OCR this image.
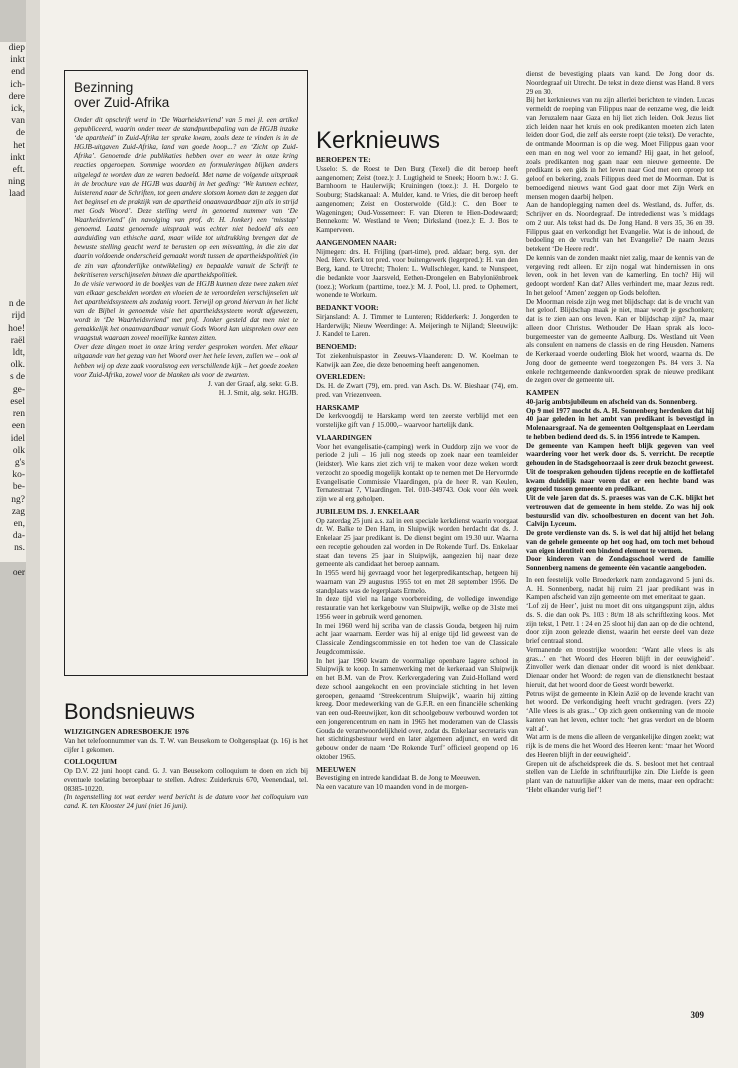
diep
inkt
end
ich-
dere
ick,
van
de
het
inkt
eft.
ning
laad

n de
rijd
hoe!
raël
ldt,
olk.
s de
ge-
esel
ren
een
idel
olk
g's
ko-
be-
ng?
zag
en,
da-
ns.

oer
Bezinning
over Zuid-Afrika

Onder dit opschrift werd in ‘De Waarheidsvriend’ van 5 mei jl. een artikel gepubliceerd, waarin onder meer de standpuntbepaling van de HGJB inzake ‘de apartheid’ in Zuid-Afrika ter sprake kwam, zoals deze te vinden is in de HGJB-uitgaven Zuid-Afrika, land van goede hoop...? en ‘Zicht op Zuid-Afrika’. Genoemde drie publikaties hebben over en weer in onze kring reacties opgeroepen. Sommige woorden en formuleringen blijken anders uitgelegd te worden dan ze waren bedoeld. Met name de volgende uitspraak in de brochure van de HGJB was daarbij in het geding: ‘We kunnen echter, luisterend naar de Schriften, tot geen andere slotsom komen dan te zeggen dat het beginsel en de praktijk van de apartheid onaanvaardbaar zijn als in strijd met Gods Woord’. Deze stelling werd in genoemd nummer van ‘De Waarheidsvriend’ (in navolging van prof. dr. H. Jonker) een ‘misstap’ genoemd. Laatst genoemde uitspraak was echter niet bedoeld als een aanduiding van ethische aard, maar wilde tot uitdrukking brengen dat de bewuste stelling geacht werd te berusten op een misvatting, in die zin dat daarin voldoende onderscheid gemaakt wordt tussen de apartheidspolitiek (in de zin van afzonderlijke ontwikkeling) en bepaalde vanuit de Schrift te bekritiseren verschijnselen binnen die apartheidspolitiek.

In de visie verwoord in de boekjes van de HGJB kunnen deze twee zaken niet van elkaar gescheiden worden en vloeien de te veroordelen verschijnselen uit het apartheidssysteem als zodanig voort. Terwijl op grond hiervan in het licht van de Bijbel in genoemde visie het apartheidssysteem wordt afgewezen, wordt in ‘De Waarheidsvriend’ met prof. Jonker gesteld dat men niet te gemakkelijk het onaanvaardbaar vanuit Gods Woord kan uitspreken over een vraagstuk waaraan zoveel moeilijke kanten zitten.

Over deze dingen moet in onze kring verder gesproken worden. Met elkaar uitgaande van het gezag van het Woord over het hele leven, zullen we – ook al hebben wij op deze zaak vooralsnog een verschillende kijk – het goede zoeken voor Zuid-Afrika, zowel voor de blanken als voor de zwarten.

J. van der Graaf, alg. sekr. G.B.
H. J. Smit, alg. sekr. HGJB.
Bondsnieuws
WIJZIGINGEN ADRESBOEKJE 1976

Van het telefoonnummer van ds. T. W. van Beusekom te Ooltgensplaat (p. 16) is het cijfer 1 gekomen.

COLLOQUIUM

Op D.V. 22 juni hoopt cand. G. J. van Beusekom colloquium te doen en zich bij eventuele toelating beroepbaar te stellen. Adres: Zuiderkruis 670, Veenendaal, tel. 08385-10220.

(In tegenstelling tot wat eerder werd bericht is de datum voor het colloquium van cand. K. ten Klooster 24 juni (niet 16 juni).

Kerknieuws
BEROEPEN TE:

Usselo: S. de Roest te Den Burg (Texel) die dit beroep heeft aangenomen; Zeist (toez.): J. Lugtigheid te Sneek; Hoorn b.w.: J. G. Barnhoorn te Haulerwijk; Kruiningen (toez.): J. H. Dorgelo te Souburg; Stadskanaal: A. Mulder, kand. te Vries, die dit beroep heeft aangenomen; Zeist en Oosterwolde (Gld.): C. den Boer te Wageningen; Oud-Vossemeer: F. van Dieren te Hien-Dodewaard; Bennekom: W. Westland te Veen; Dirksland (toez.): E. J. Bos te Kamperveen.

AANGENOMEN NAAR:

Nijmegen: drs. H. Frijling (part-time), pred. aldaar; berg. syn. der Ned. Herv. Kerk tot pred. voor buitengewerk (legerpred.): H. van den Berg, kand. te Utrecht; Tholen: L. Wullschleger, kand. te Nunspeet, die bedankte voor Jaarsveld, Eethen-Drongelen en Babyloniënbroek (toez.); Workum (parttime, toez.): M. J. Pool, l.l. pred. te Ophemert, wonende te Workum.

BEDANKT VOOR:

Sirjansland: A. J. Timmer te Lunteren; Ridderkerk: J. Jongerden te Harderwijk; Nieuw Weerdinge: A. Meijeringh te Nijland; Sleeuwijk: J. Kandel te Laren.

BENOEMD:

Tot ziekenhuispastor in Zeeuws-Vlaanderen: D. W. Koelman te Katwijk aan Zee, die deze benoeming heeft aangenomen.

OVERLEDEN:

Ds. H. de Zwart (79), em. pred. van Asch. Ds. W. Bieshaar (74), em. pred. van Vriezenveen.

HARSKAMP

De kerkvoogdij te Harskamp werd ten zeerste verblijd met een vorstelijke gift van ƒ 15.000,– waarvoor hartelijk dank.

VLAARDINGEN

Voor het evangelisatie-(camping) werk in Ouddorp zijn we voor de periode 2 juli – 16 juli nog steeds op zoek naar een teamleider (leidster). Wie kans ziet zich vrij te maken voor deze weken wordt verzocht zo spoedig mogelijk kontakt op te nemen met De Hervormde Evangelisatie Commissie Vlaardingen, p/a de heer R. van Keulen, Ternatestraat 7, Vlaardingen. Tel. 010-349743. Ook voor één week zijn we al erg geholpen.

JUBILEUM DS. J. ENKELAAR

Op zaterdag 25 juni a.s. zal in een speciale kerkdienst waarin voorgaat dr. W. Balke te Den Ham, in Sluipwijk worden herdacht dat ds. J. Enkelaar 25 jaar predikant is. De dienst begint om 19.30 uur. Waarna een receptie gehouden zal worden in De Rokende Turf. Ds. Enkelaar staat dan tevens 25 jaar in Sluipwijk, aangezien hij naar deze gemeente als candidaat het beroep aannam.

In 1955 werd hij gevraagd voor het legerpredikantschap, hetgeen hij waarnam van 29 augustus 1955 tot en met 28 september 1956. De standplaats was de legerplaats Ermelo.

In deze tijd viel na lange voorbereiding, de volledige inwendige restauratie van het kerkgebouw van Sluipwijk, welke op de 31ste mei 1956 weer in gebruik werd genomen.

In mei 1960 werd hij scriba van de classis Gouda, betgeen hij ruim acht jaar waarnam. Eerder was hij al enige tijd lid geweest van de Classicale Zendingscommissie en tot heden toe van de Classicale Jeugdcommissie.

In het jaar 1960 kwam de voormalige openbare lagere school in Sluipwijk te koop. In samenwerking met de kerkeraad van Sluipwijk en het B.M. van de Prov. Kerkvergadering van Zuid-Holland werd deze school aangekocht en een provinciale stichting in het leven geroepen, genaamd ‘Streekcentrum Sluipwijk’, waarin hij zitting kreeg. Door medewerking van de G.F.R. en een financiële schenking van een oud-Reeuwijker, kon dit schoolgebouw verbouwd worden tot een jongerencentrum en nam in 1965 het moderamen van de Classis Gouda de verantwoordelijkheid over, zodat ds. Enkelaar secretaris van het stichtingsbestuur werd en later algemeen adjunct, en werd dit gebouw onder de naam ‘De Rokende Turf’ officieel geopend op 16 oktober 1965.

MEEUWEN

Bevestiging en intrede kandidaat B. de Jong te Meeuwen.

Na een vacature van 10 maanden vond in de morgen-

dienst de bevestiging plaats van kand. De Jong door ds. Noordegraaf uit Utrecht. De tekst in deze dienst was Hand. 8 vers 29 en 30.

Bij het kerknieuws van nu zijn allerlei berichten te vinden. Lucas vermeldt de roeping van Filippus naar de eenzame weg, die leidt van Jeruzalem naar Gaza en hij liet zich leiden. Ook Jezus liet zich leiden naar het kruis en ook predikanten moeten zich laten leiden door God, die zelf als eerste roept (zie tekst). De verachte, de ontmande Moorman is op die weg. Moet Filippus gaan voor een man en nog wel voor zo iemand? Hij gaat, in het geloof, zoals predikanten nog gaan naar een nieuwe gemeente. De predikant is een gids in het leven naar God met een oproep tot geloof en bekering, zoals Filippus deed met de Moorman. Dat is bemoedigend nieuws want God gaat door met Zijn Werk en mensen mogen daarbij helpen.

Aan de handoplegging namen deel ds. Westland, ds. Juffer, ds. Schrijver en ds. Noordegraaf. De intrededienst was 's middags om 2 uur. Als tekst had ds. De Jong Hand. 8 vers 35, 36 en 39. Filippus gaat en verkondigt het Evangelie. Wat is de inhoud, de bedoeling en de vrucht van het Evangelie? De naam Jezus betekent ‘De Heere redt’.

De kennis van de zonden maakt niet zalig, maar de kennis van de vergeving redt alleen. Er zijn nogal wat hindernissen in ons leven, ook in het leven van de kamerling. En toch? Hij wil gedoopt worden! Kan dat? Alles verhindert me, maar Jezus redt. In het geloof ‘Amen’ zeggen op Gods beloften.

De Moorman reisde zijn weg met blijdschap: dat is de vrucht van het geloof. Blijdschap maak je niet, maar wordt je geschonken; dat is te zien aan ons leven. Kan er blijdschap zijn? Ja, maar alleen door Christus. Wethouder De Haan sprak als loco-burgemeester van de gemeente Aalburg. Ds. Westland uit Veen als consulent en namens de classis en de ring Heusden. Namens de Kerkeraad voerde ouderling Blok het woord, waarna ds. De Jong door de gemeente werd toegezongen Ps. 84 vers 3. Na enkele rechtgemeende dankwoorden sprak de nieuwe predikant de zegen over de gemeente uit.

KAMPEN

40-jarig ambtsjubileum en afscheid van ds. Sonnenberg.

Op 9 mei 1977 mocht ds. A. H. Sonnenberg herdenken dat hij 40 jaar geleden in het ambt van predikant is bevestigd in Molenaarsgraaf. Na de gemeenten Ooltgensplaat en Leerdam te hebben bediend deed ds. S. in 1956 intrede te Kampen.

De gemeente van Kampen heeft blijk gegeven van veel waardering voor het werk door ds. S. verricht. De receptie gehouden in de Stadsgehoorzaal is zeer druk bezocht geweest.

Uit de toespraken gehouden tijdens receptie en de koffietafel kwam duidelijk naar voren dat er een hechte band was gegroeid tussen gemeente en predikant.

Uit de vele jaren dat ds. S. praeses was van de C.K. blijkt het vertrouwen dat de gemeente in hem stelde. Zo was hij ook bestuurslid van div. schoolbesturen en docent van het Joh. Calvijn Lyceum.

De grote verdienste van ds. S. is wel dat hij altijd het belang van de gehele gemeente op het oog had, om toch met behoud van eigen identiteit een bindend element te vormen.

Door kinderen van de Zondagsschool werd de familie Sonnenberg namens de gemeente één vacantie aangeboden.

In een feestelijk volle Broederkerk nam zondagavond 5 juni ds. A. H. Sonnenberg, nadat hij ruim 21 jaar predikant was in Kampen afscheid van zijn gemeente om met emeritaat te gaan.

‘Lof zij de Heer’, juist nu moet dit ons uitgangspunt zijn, aldus ds. S. die dan ook Ps. 103 : 8t/m 18 als schriftlezing koos. Met zijn tekst, 1 Petr. 1 : 24 en 25 sloot hij dan aan op de die ochtend, door zijn zoon gelezde dienst, waarin het eerste deel van deze brief centraal stond.

Vermanende en troostrijke woorden: ‘Want alle vlees is als gras...’ en ‘het Woord des Heeren blijft in der eeuwigheid’. Zinvoller werk dan dienaar onder dit woord is niet denkbaar. Dienaar onder het Woord: de regen van de dienstknecht bestaat hieruit, dat het woord door de Geest wordt bewerkt.

Petrus wijst de gemeente in Klein Azië op de levende kracht van het woord. De verkondiging heeft vrucht gedragen. (vers 22) ‘Alle vlees is als gras...’ Op zich geen ontkenning van de mooie kanten van het leven, echter toch: ‘het gras verdort en de bloem valt af’.

Wat arm is de mens die alleen de vergankelijke dingen zoekt; wat rijk is de mens die het Woord des Heeren kent: ‘maar het Woord des Heeren blijft in der eeuwigheid’.

Grepen uit de afscheidspreek die ds. S. besloot met het centraal stellen van de Liefde in schriftuurlijke zin. Die Liefde is geen plant van de natuurlijke akker van de mens, maar een opdracht: ‘Hebt elkander vurig lief’!

309
